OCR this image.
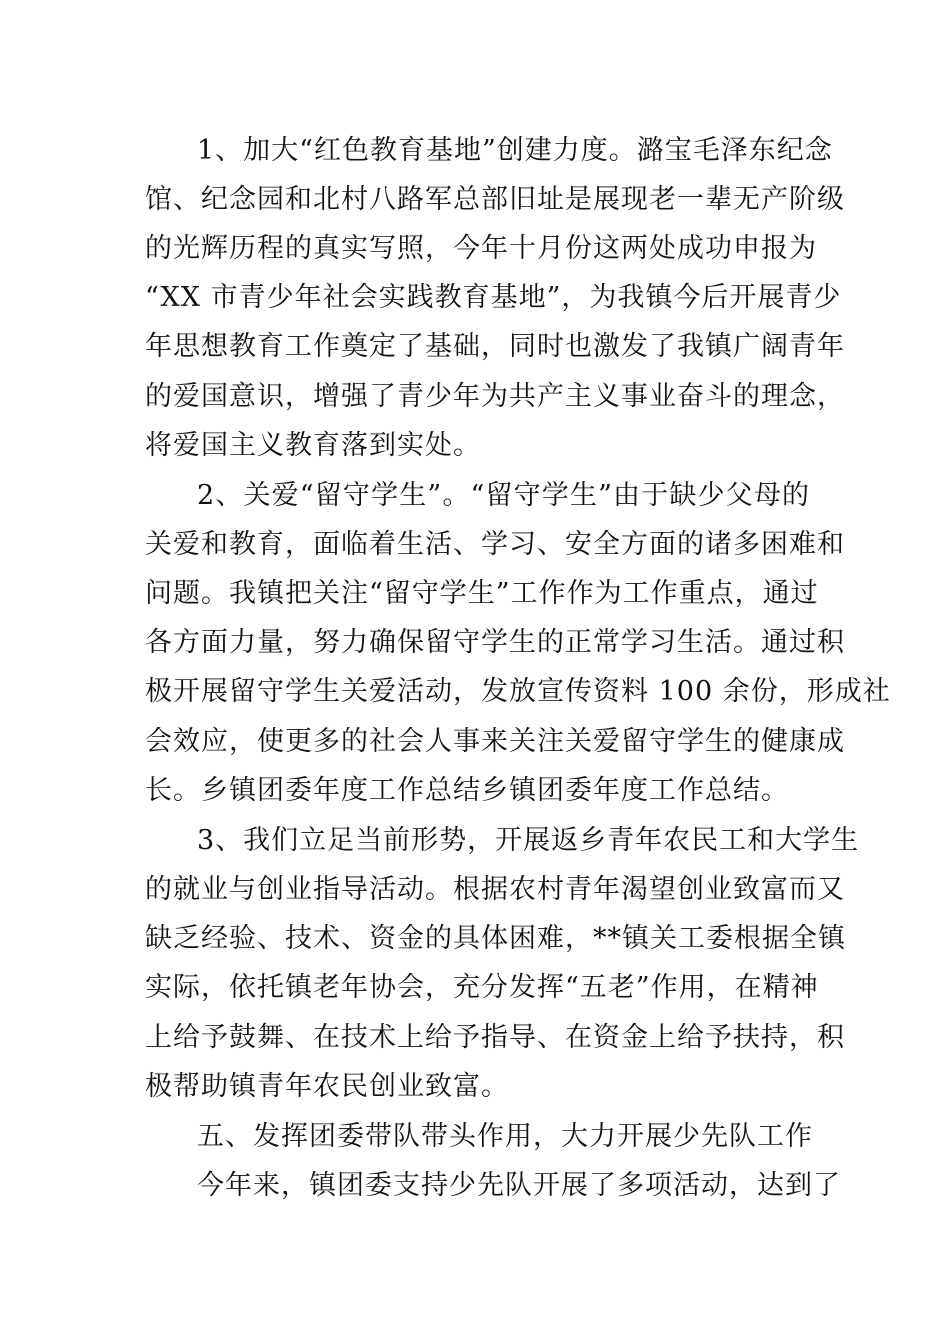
1、加大“红色教育基地”创建力度。潞宝毛泽东纪念
馆、纪念园和北村八路军总部旧址是展现老一辈无产阶级
的光辉历程的真实写照，今年十月份这两处成功申报为
“XX 市青少年社会实践教育基地”，为我镇今后开展青少
年思想教育工作奠定了基础，同时也激发了我镇广阔青年
的爱国意识，增强了青少年为共产主义事业奋斗的理念，
将爱国主义教育落到实处。
2、关爱“留守学生”。“留守学生”由于缺少父母的
关爱和教育，面临着生活、学习、安全方面的诸多困难和
问题。我镇把关注“留守学生”工作作为工作重点，通过
各方面力量，努力确保留守学生的正常学习生活。通过积
极开展留守学生关爱活动，发放宣传资料 100 余份，形成社
会效应，使更多的社会人事来关注关爱留守学生的健康成
长。乡镇团委年度工作总结乡镇团委年度工作总结。
3、我们立足当前形势，开展返乡青年农民工和大学生
的就业与创业指导活动。根据农村青年渴望创业致富而又
缺乏经验、技术、资金的具体困难，**镇关工委根据全镇
实际，依托镇老年协会，充分发挥“五老”作用，在精神
上给予鼓舞、在技术上给予指导、在资金上给予扶持，积
极帮助镇青年农民创业致富。
五、发挥团委带队带头作用，大力开展少先队工作
今年来，镇团委支持少先队开展了多项活动，达到了
